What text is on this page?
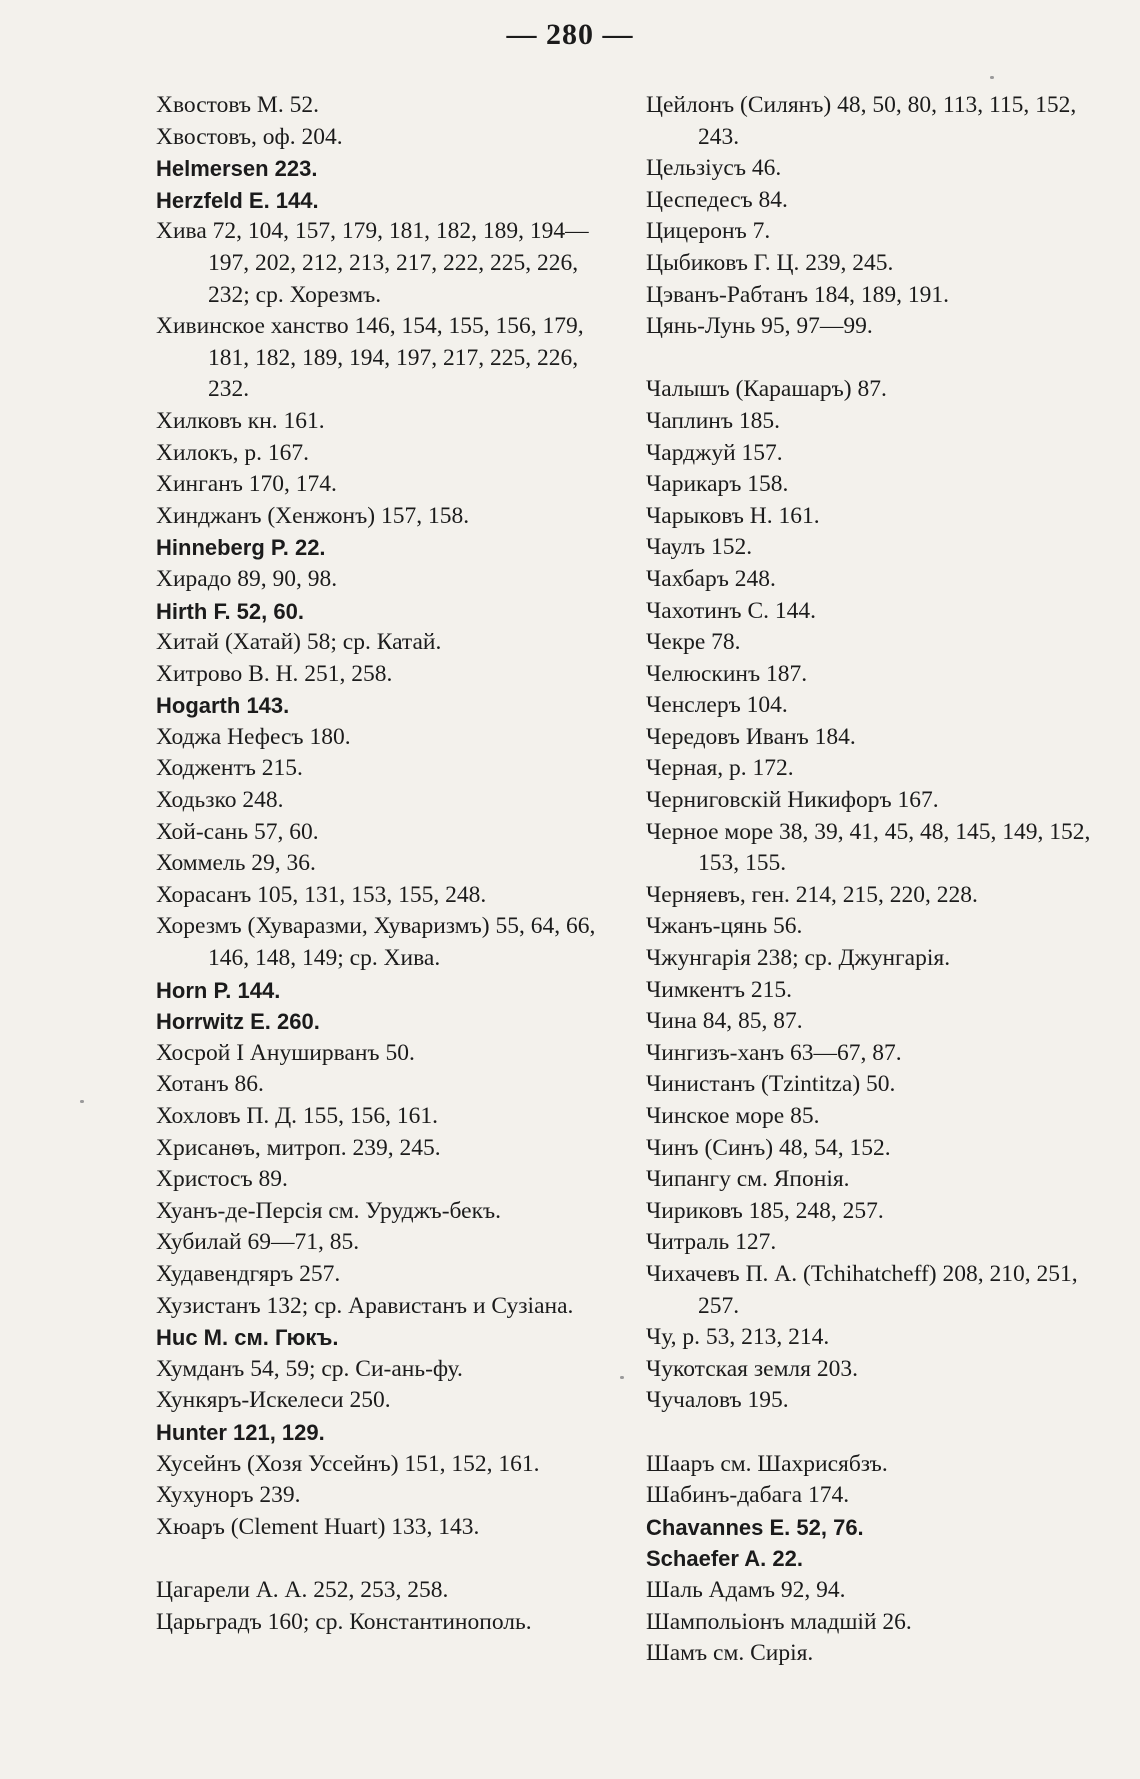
— 280 —

Хвостовъ М. 52.

Хвостовъ, оф. 204.

Helmersen 223.

Herzfeld E. 144.

Хива 72, 104, 157, 179, 181, 182, 189, 194—197, 202, 212, 213, 217, 222, 225, 226, 232; ср. Хорезмъ.

Хивинское ханство 146, 154, 155, 156, 179, 181, 182, 189, 194, 197, 217, 225, 226, 232.

Хилковъ кн. 161.

Хилокъ, р. 167.

Хинганъ 170, 174.

Хинджанъ (Хенжонъ) 157, 158.

Hinneberg P. 22.

Хирадо 89, 90, 98.

Hirth F. 52, 60.

Хитай (Хатай) 58; ср. Катай.

Хитрово В. Н. 251, 258.

Hogarth 143.

Ходжа Нефесъ 180.

Ходжентъ 215.

Ходьзко 248.

Хой-сань 57, 60.

Хоммель 29, 36.

Хорасанъ 105, 131, 153, 155, 248.

Хорезмъ (Хуваразми, Хуваризмъ) 55, 64, 66, 146, 148, 149; ср. Хива.

Horn P. 144.

Horrwitz E. 260.

Хосрой I Ануширванъ 50.

Хотанъ 86.

Хохловъ П. Д. 155, 156, 161.

Хрисанѳъ, митроп. 239, 245.

Христосъ 89.

Хуанъ-де-Персія см. Уруджъ-бекъ.

Хубилай 69—71, 85.

Худавендгяръ 257.

Хузистанъ 132; ср. Аравистанъ и Сузіана.

Huc M. см. Гюкъ.

Хумданъ 54, 59; ср. Си-ань-фу.

Хункяръ-Искелеси 250.

Hunter 121, 129.

Хусейнъ (Хозя Уссейнъ) 151, 152, 161.

Хухуноръ 239.

Хюаръ (Clement Huart) 133, 143.

Цагарели А. А. 252, 253, 258.

Царьградъ 160; ср. Константинополь.

Цейлонъ (Силянъ) 48, 50, 80, 113, 115, 152, 243.

Цельзіусъ 46.

Цеспедесъ 84.

Цицеронъ 7.

Цыбиковъ Г. Ц. 239, 245.

Цэванъ-Рабтанъ 184, 189, 191.

Цянь-Лунь 95, 97—99.

Чалышъ (Карашаръ) 87.

Чаплинъ 185.

Чарджуй 157.

Чарикаръ 158.

Чарыковъ Н. 161.

Чаулъ 152.

Чахбаръ 248.

Чахотинъ С. 144.

Чекре 78.

Челюскинъ 187.

Ченслеръ 104.

Чередовъ Иванъ 184.

Черная, р. 172.

Черниговскій Никифоръ 167.

Черное море 38, 39, 41, 45, 48, 145, 149, 152, 153, 155.

Черняевъ, ген. 214, 215, 220, 228.

Чжанъ-цянь 56.

Чжунгарія 238; ср. Джунгарія.

Чимкентъ 215.

Чина 84, 85, 87.

Чингизъ-ханъ 63—67, 87.

Чинистанъ (Tzintitza) 50.

Чинское море 85.

Чинъ (Синъ) 48, 54, 152.

Чипангу см. Японія.

Чириковъ 185, 248, 257.

Читраль 127.

Чихачевъ П. А. (Tchihatcheff) 208, 210, 251, 257.

Чу, р. 53, 213, 214.

Чукотская земля 203.

Чучаловъ 195.

Шааръ см. Шахрисябзъ.

Шабинъ-дабага 174.

Chavannes E. 52, 76.

Schaefer A. 22.

Шаль Адамъ 92, 94.

Шампольіонъ младшій 26.

Шамъ см. Сирія.
